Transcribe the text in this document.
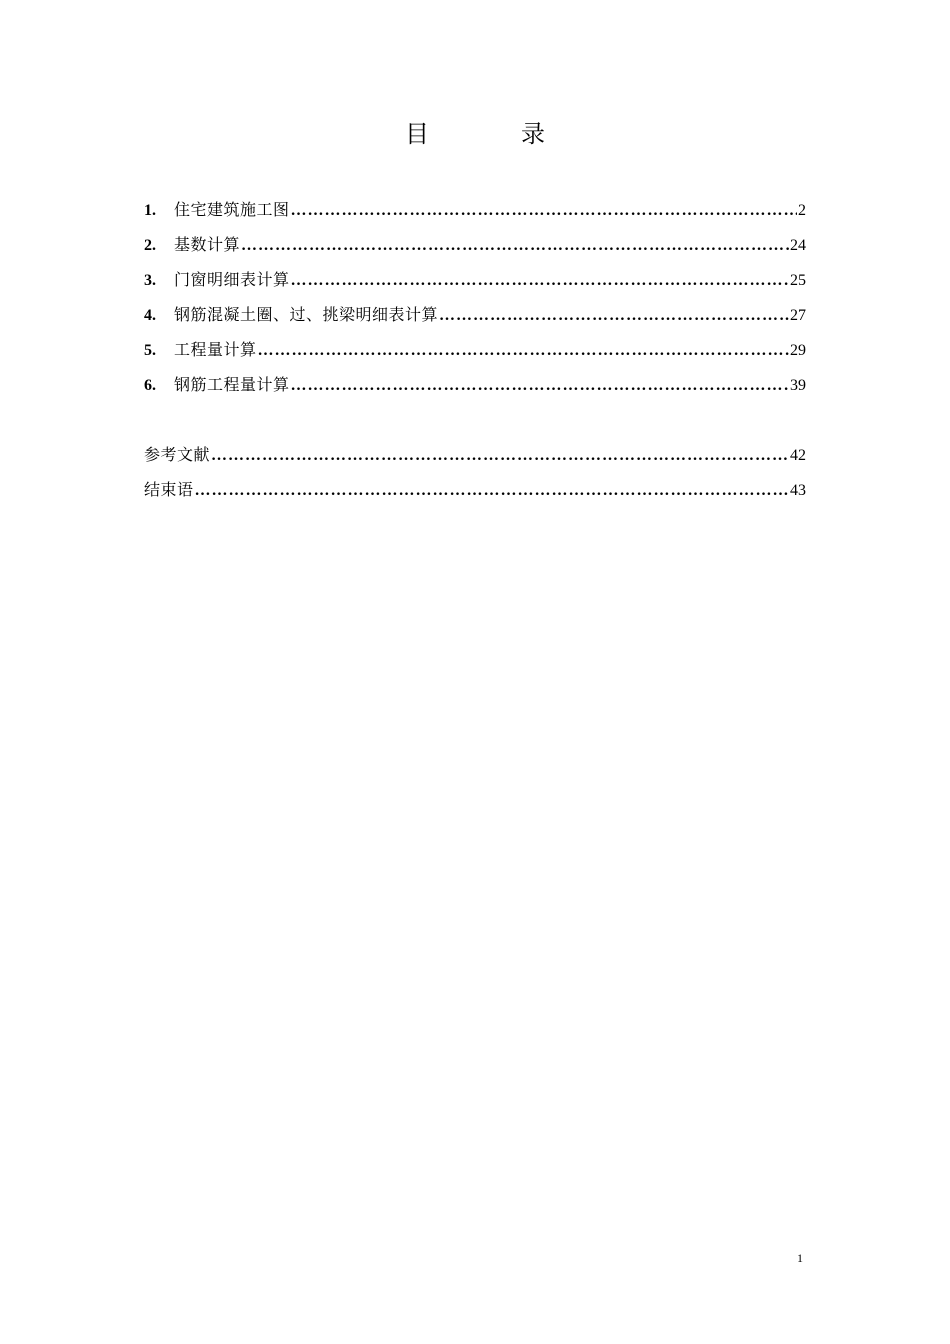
目　录
1.	住宅建筑施工图 …………………………………………………………………………………………………………………………………………………………	2
2.	基数计算 …………………………………………………………………………………………………………………………………………………………	24
3.	门窗明细表计算 …………………………………………………………………………………………………………………………………………………………	25
4.	钢筋混凝土圈、过、挑梁明细表计算 …………………………………………………………………………………………………………………………………………………………	27
5.	工程量计算 …………………………………………………………………………………………………………………………………………………………	29
6.	钢筋工程量计算 …………………………………………………………………………………………………………………………………………………………	39
参考文献 …………………………………………………………………………………………………………………………………………………………	42
结束语 …………………………………………………………………………………………………………………………………………………………	43
1
